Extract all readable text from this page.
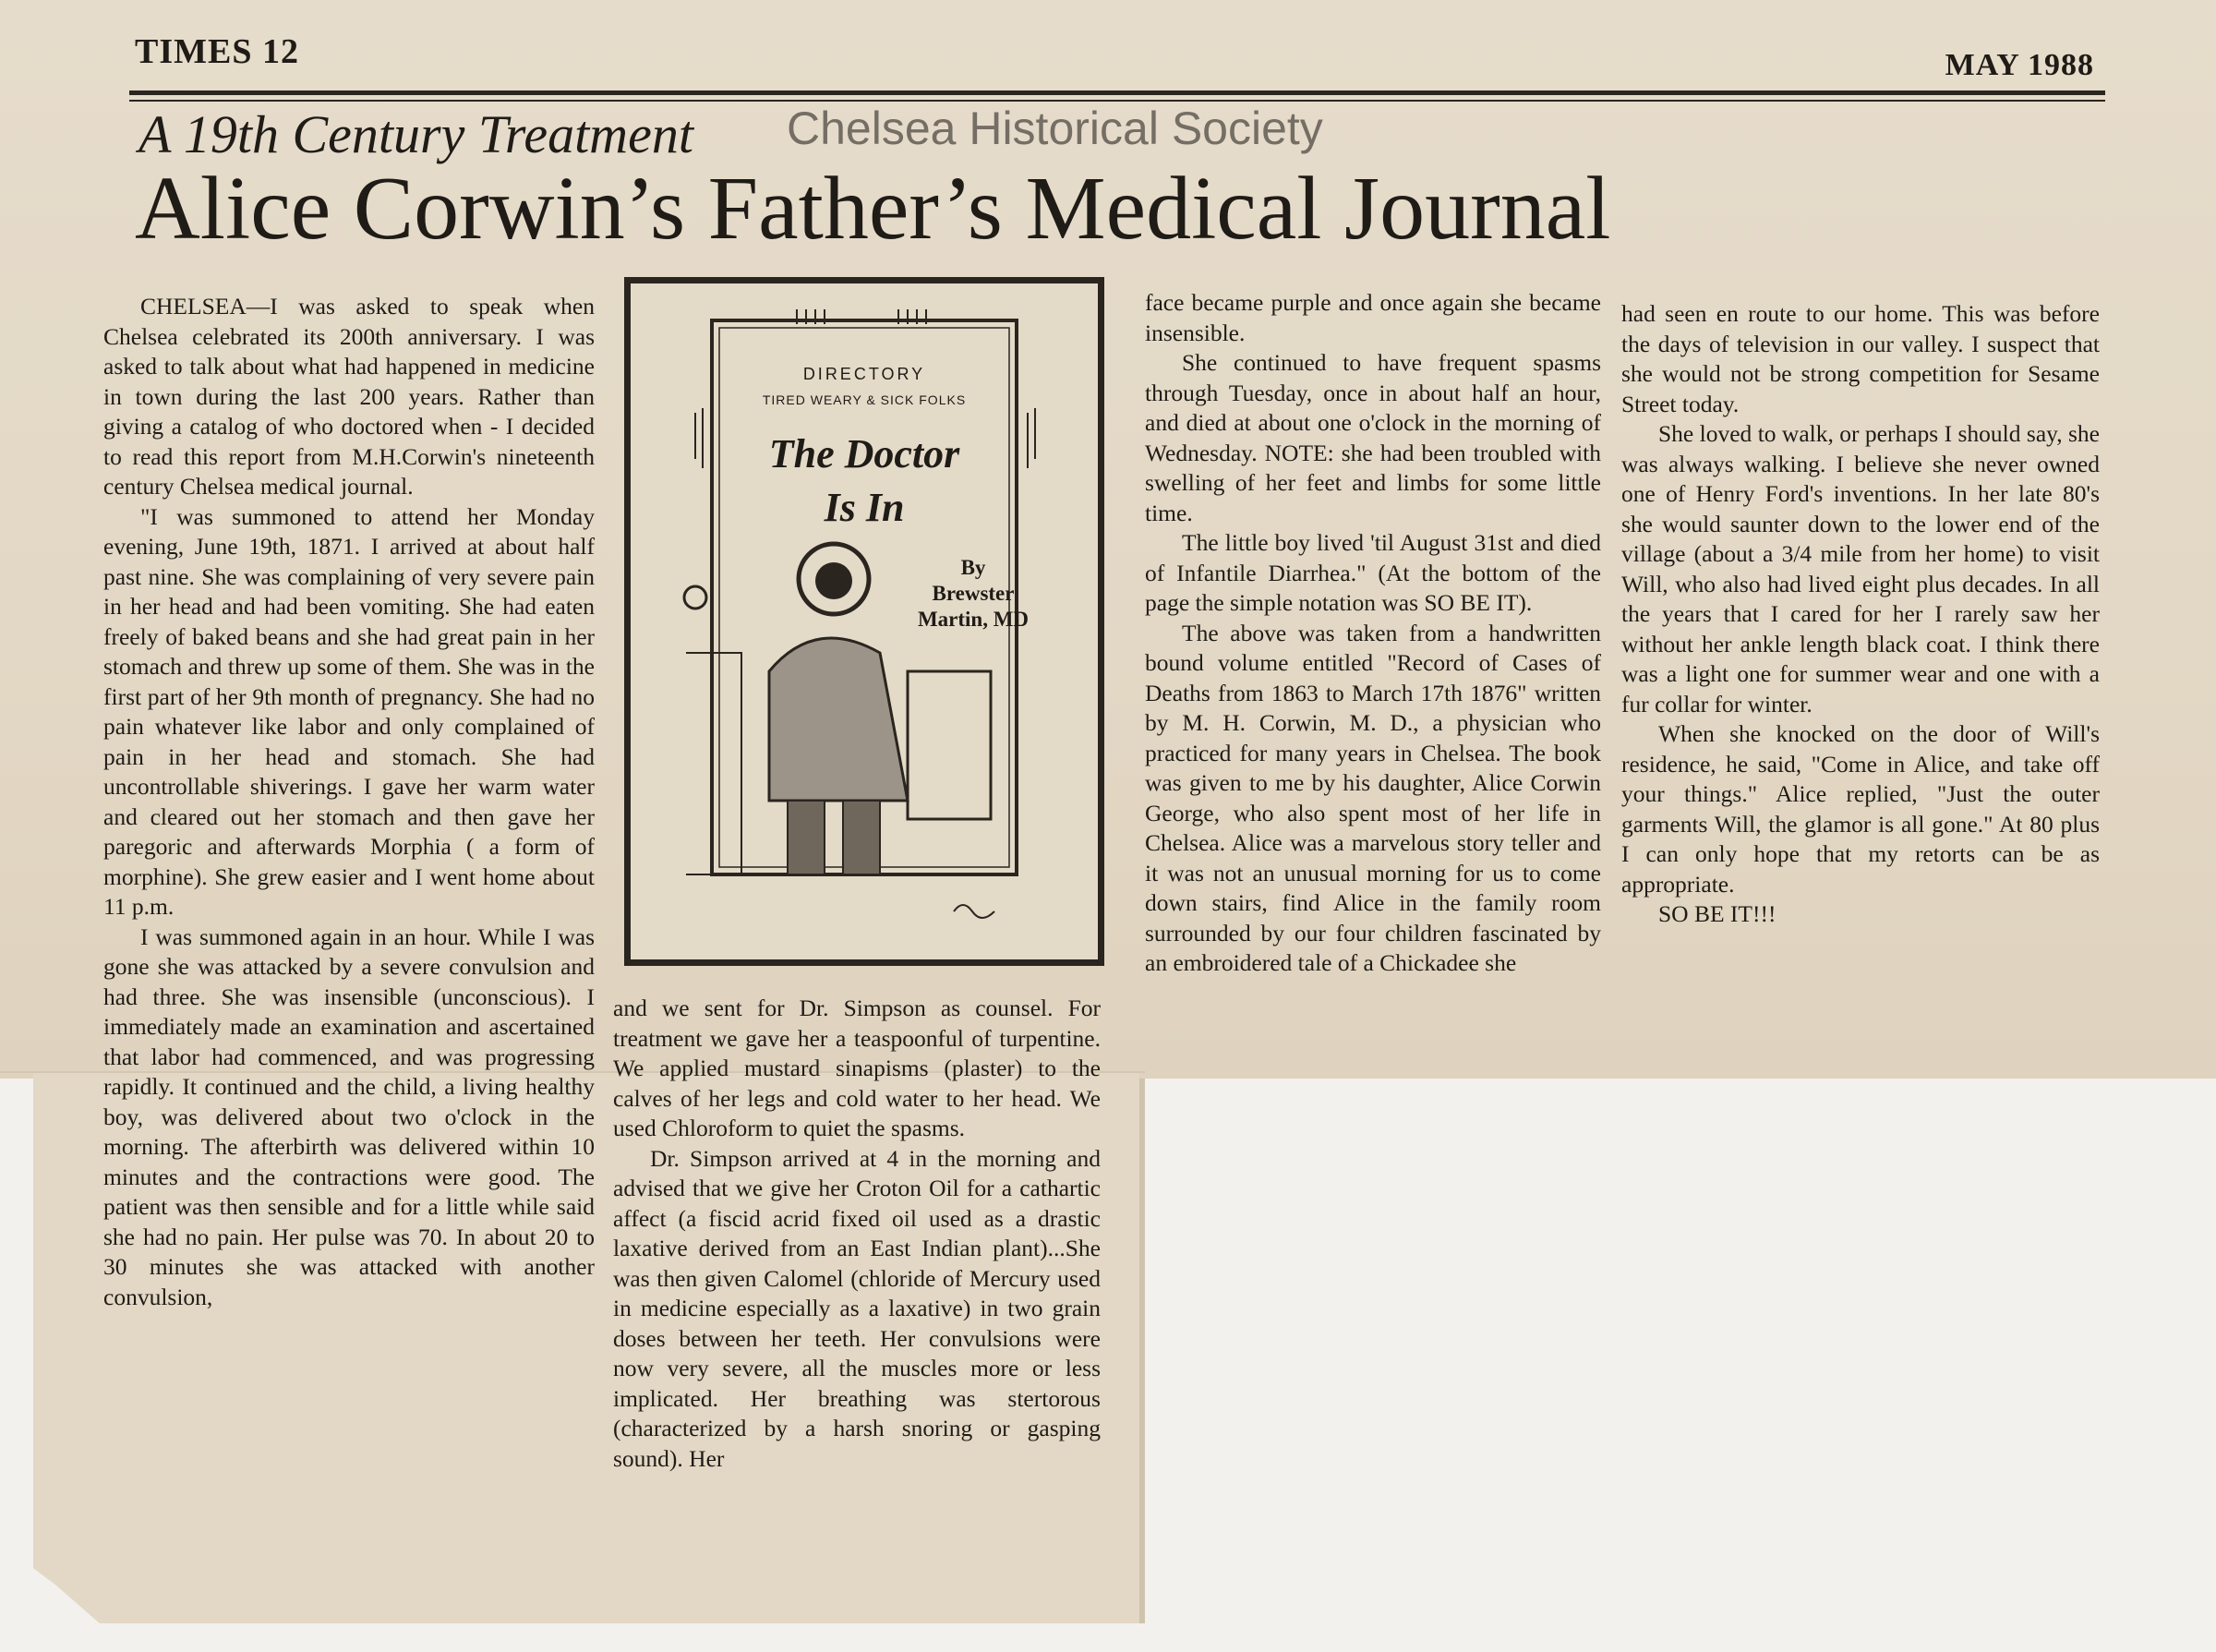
TIMES 12	MAY 1988
A 19th Century Treatment Chelsea Historical Society
Alice Corwin’s Father’s Medical Journal

CHELSEA—I was asked to speak when Chelsea celebrated its 200th anniversary. I was asked to talk about what had happened in medicine in town during the last 200 years. Rather than giving a catalog of who doctored when - I decided to read this report from M.H.Corwin's nineteenth century Chelsea medical journal.

"I was summoned to attend her Monday evening, June 19th, 1871. I arrived at about half past nine. She was complaining of very severe pain in her head and had been vomiting. She had eaten freely of baked beans and she had great pain in her stomach and threw up some of them. She was in the first part of her 9th month of pregnancy. She had no pain whatever like labor and only complained of pain in her head and stomach. She had uncontrollable shiverings. I gave her warm water and cleared out her stomach and then gave her paregoric and afterwards Morphia ( a form of morphine). She grew easier and I went home about 11 p.m.

I was summoned again in an hour. While I was gone she was attacked by a severe convulsion and had three. She was insensible (unconscious). I immediately made an examination and ascertained that labor had commenced, and was progressing rapidly. It continued and the child, a living healthy boy, was delivered about two o'clock in the morning. The afterbirth was delivered within 10 minutes and the contractions were good. The patient was then sensible and for a little while said she had no pain. Her pulse was 70. In about 20 to 30 minutes she was attacked with another convulsion,

DIRECTORY
TIRED WEARY & SICK FOLKS
The Doctor
Is In
By
Brewster
Martin, MD

and we sent for Dr. Simpson as counsel. For treatment we gave her a teaspoonful of turpentine. We applied mustard sinapisms (plaster) to the calves of her legs and cold water to her head. We used Chloroform to quiet the spasms.

Dr. Simpson arrived at 4 in the morning and advised that we give her Croton Oil for a cathartic affect (a fiscid acrid fixed oil used as a drastic laxative derived from an East Indian plant)...She was then given Calomel (chloride of Mercury used in medicine especially as a laxative) in two grain doses between her teeth. Her convulsions were now very severe, all the muscles more or less implicated. Her breathing was stertorous (characterized by a harsh snoring or gasping sound). Her

face became purple and once again she became insensible.

She continued to have frequent spasms through Tuesday, once in about half an hour, and died at about one o'clock in the morning of Wednesday. NOTE: she had been troubled with swelling of her feet and limbs for some little time.

The little boy lived 'til August 31st and died of Infantile Diarrhea." (At the bottom of the page the simple notation was SO BE IT).

The above was taken from a handwritten bound volume entitled "Record of Cases of Deaths from 1863 to March 17th 1876" written by M. H. Corwin, M. D., a physician who practiced for many years in Chelsea. The book was given to me by his daughter, Alice Corwin George, who also spent most of her life in Chelsea. Alice was a marvelous story teller and it was not an unusual morning for us to come down stairs, find Alice in the family room surrounded by our four children fascinated by an embroidered tale of a Chickadee she

had seen en route to our home. This was before the days of television in our valley. I suspect that she would not be strong competition for Sesame Street today.

She loved to walk, or perhaps I should say, she was always walking. I believe she never owned one of Henry Ford's inventions. In her late 80's she would saunter down to the lower end of the village (about a 3/4 mile from her home) to visit Will, who also had lived eight plus decades. In all the years that I cared for her I rarely saw her without her ankle length black coat. I think there was a light one for summer wear and one with a fur collar for winter.

When she knocked on the door of Will's residence, he said, "Come in Alice, and take off your things." Alice replied, "Just the outer garments Will, the glamor is all gone." At 80 plus I can only hope that my retorts can be as appropriate.

SO BE IT!!!
